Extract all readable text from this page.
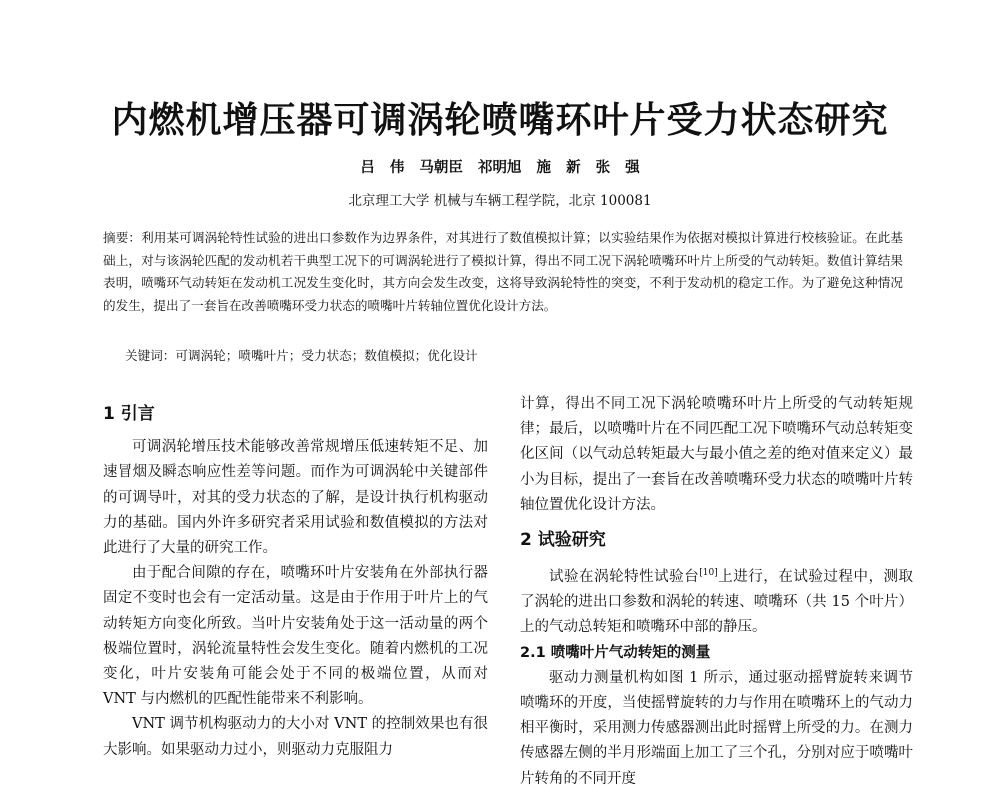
内燃机增压器可调涡轮喷嘴环叶片受力状态研究
吕 伟 马朝臣 祁明旭 施 新 张 强
北京理工大学 机械与车辆工程学院，北京 100081
摘要：利用某可调涡轮特性试验的进出口参数作为边界条件，对其进行了数值模拟计算；以实验结果作为依据对模拟计算进行校核验证。在此基础上，对与该涡轮匹配的发动机若干典型工况下的可调涡轮进行了模拟计算，得出不同工况下涡轮喷嘴环叶片上所受的气动转矩。数值计算结果表明，喷嘴环气动转矩在发动机工况发生变化时，其方向会发生改变，这将导致涡轮特性的突变，不利于发动机的稳定工作。为了避免这种情况的发生，提出了一套旨在改善喷嘴环受力状态的喷嘴叶片转轴位置优化设计方法。
关键词：可调涡轮；喷嘴叶片；受力状态；数值模拟；优化设计
1 引言

可调涡轮增压技术能够改善常规增压低速转矩不足、加速冒烟及瞬态响应性差等问题。而作为可调涡轮中关键部件的可调导叶，对其的受力状态的了解，是设计执行机构驱动力的基础。国内外许多研究者采用试验和数值模拟的方法对此进行了大量的研究工作。

由于配合间隙的存在，喷嘴环叶片安装角在外部执行器固定不变时也会有一定活动量。这是由于作用于叶片上的气动转矩方向变化所致。当叶片安装角处于这一活动量的两个极端位置时，涡轮流量特性会发生变化。随着内燃机的工况变化，叶片安装角可能会处于不同的极端位置，从而对 VNT 与内燃机的匹配性能带来不利影响。

VNT 调节机构驱动力的大小对 VNT 的控制效果也有很大影响。如果驱动力过小，则驱动力克服阻力

计算，得出不同工况下涡轮喷嘴环叶片上所受的气动转矩规律；最后，以喷嘴叶片在不同匹配工况下喷嘴环气动总转矩变化区间（以气动总转矩最大与最小值之差的绝对值来定义）最小为目标，提出了一套旨在改善喷嘴环受力状态的喷嘴叶片转轴位置优化设计方法。

2 试验研究

试验在涡轮特性试验台[10]上进行，在试验过程中，测取了涡轮的进出口参数和涡轮的转速、喷嘴环（共 15 个叶片）上的气动总转矩和喷嘴环中部的静压。

2.1 喷嘴叶片气动转矩的测量

驱动力测量机构如图 1 所示，通过驱动摇臂旋转来调节喷嘴环的开度，当使摇臂旋转的力与作用在喷嘴环上的气动力相平衡时，采用测力传感器测出此时摇臂上所受的力。在测力传感器左侧的半月形端面上加工了三个孔，分别对应于喷嘴叶片转角的不同开度
